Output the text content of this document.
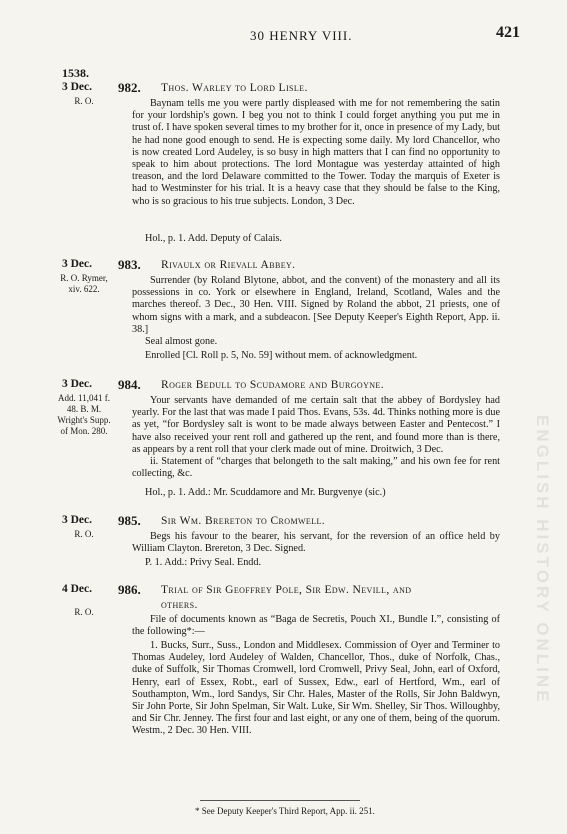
ENGLISH HISTORY ONLINE
30 HENRY VIII.	421
1538.
3 Dec.
R. O.
982. Thos. Warley to Lord Lisle.
Baynam tells me you were partly displeased with me for not remembering the satin for your lordship's gown. I beg you not to think I could forget anything you put me in trust of. I have spoken several times to my brother for it, once in presence of my Lady, but he had none good enough to send. He is expecting some daily. My lord Chancellor, who is now created Lord Audeley, is so busy in high matters that I can find no opportunity to speak to him about protections. The lord Montague was yesterday attainted of high treason, and the lord Delaware committed to the Tower. Today the marquis of Exeter is had to Westminster for his trial. It is a heavy case that they should be false to the King, who is so gracious to his true subjects. London, 3 Dec.
Hol., p. 1. Add. Deputy of Calais.
3 Dec.
R. O. Rymer, xiv. 622.
983. Rivaulx or Rievall Abbey.
Surrender (by Roland Blytone, abbot, and the convent) of the monastery and all its possessions in co. York or elsewhere in England, Ireland, Scotland, Wales and the marches thereof. 3 Dec., 30 Hen. VIII. Signed by Roland the abbot, 21 priests, one of whom signs with a mark, and a subdeacon. [See Deputy Keeper's Eighth Report, App. ii. 38.]
Seal almost gone.
Enrolled [Cl. Roll p. 5, No. 59] without mem. of acknowledgment.
3 Dec.
Add. 11,041 f. 48. B. M. Wright's Supp. of Mon. 280.
984. Roger Bedull to Scudamore and Burgoyne.
Your servants have demanded of me certain salt that the abbey of Bordysley had yearly. For the last that was made I paid Thos. Evans, 53s. 4d. Thinks nothing more is due as yet, “for Bordysley salt is wont to be made always between Easter and Pentecost.” I have also received your rent roll and gathered up the rent, and found more than is there, as appears by a rent roll that your clerk made out of mine. Droitwich, 3 Dec.
ii. Statement of “charges that belongeth to the salt making,” and his own fee for rent collecting, &c.
Hol., p. 1. Add.: Mr. Scuddamore and Mr. Burgvenye (sic.)
3 Dec.
R. O.
985. Sir Wm. Brereton to Cromwell.
Begs his favour to the bearer, his servant, for the reversion of an office held by William Clayton. Brereton, 3 Dec. Signed.
P. 1. Add.: Privy Seal. Endd.
4 Dec.
R. O.
986. Trial of Sir Geoffrey Pole, Sir Edw. Nevill, and
others.
File of documents known as “Baga de Secretis, Pouch XI., Bundle I.”, consisting of the following*:—
1. Bucks, Surr., Suss., London and Middlesex. Commission of Oyer and Terminer to Thomas Audeley, lord Audeley of Walden, Chancellor, Thos., duke of Norfolk, Chas., duke of Suffolk, Sir Thomas Cromwell, lord Cromwell, Privy Seal, John, earl of Oxford, Henry, earl of Essex, Robt., earl of Sussex, Edw., earl of Hertford, Wm., earl of Southampton, Wm., lord Sandys, Sir Chr. Hales, Master of the Rolls, Sir John Baldwyn, Sir John Porte, Sir John Spelman, Sir Walt. Luke, Sir Wm. Shelley, Sir Thos. Willoughby, and Sir Chr. Jenney. The first four and last eight, or any one of them, being of the quorum. Westm., 2 Dec. 30 Hen. VIII.
* See Deputy Keeper's Third Report, App. ii. 251.
